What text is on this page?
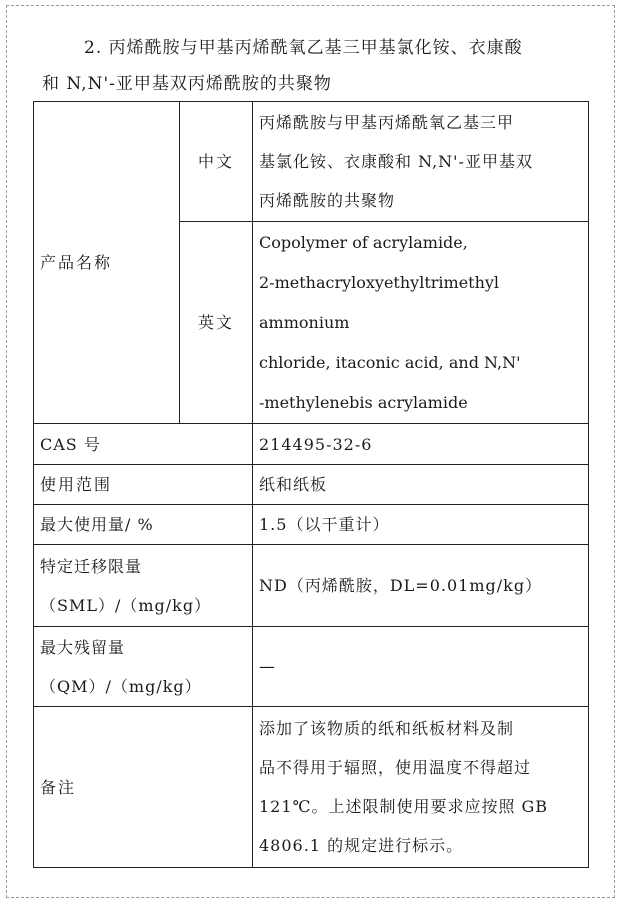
2. 丙烯酰胺与甲基丙烯酰氧乙基三甲基氯化铵、衣康酸
和 N,N'-亚甲基双丙烯酰胺的共聚物
产品名称	中文	丙烯酰胺与甲基丙烯酰氧乙基三甲
基氯化铵、衣康酸和 N,N'-亚甲基双
丙烯酰胺的共聚物

	英文	Copolymer of acrylamide,
2-methacryloxyethyltrimethyl
ammonium
chloride, itaconic acid, and N,N'
-methylenebis acrylamide

CAS 号		214495-32-6
使用范围		纸和纸板
最大使用量/ %		1.5（以干重计）

特定迁移限量
（SML）/（mg/kg）		ND（丙烯酰胺，DL=0.01mg/kg）

最大残留量
（QM）/（mg/kg）		—
备注		添加了该物质的纸和纸板材料及制
品不得用于辐照，使用温度不得超过
121℃。上述限制使用要求应按照 GB
4806.1 的规定进行标示。
